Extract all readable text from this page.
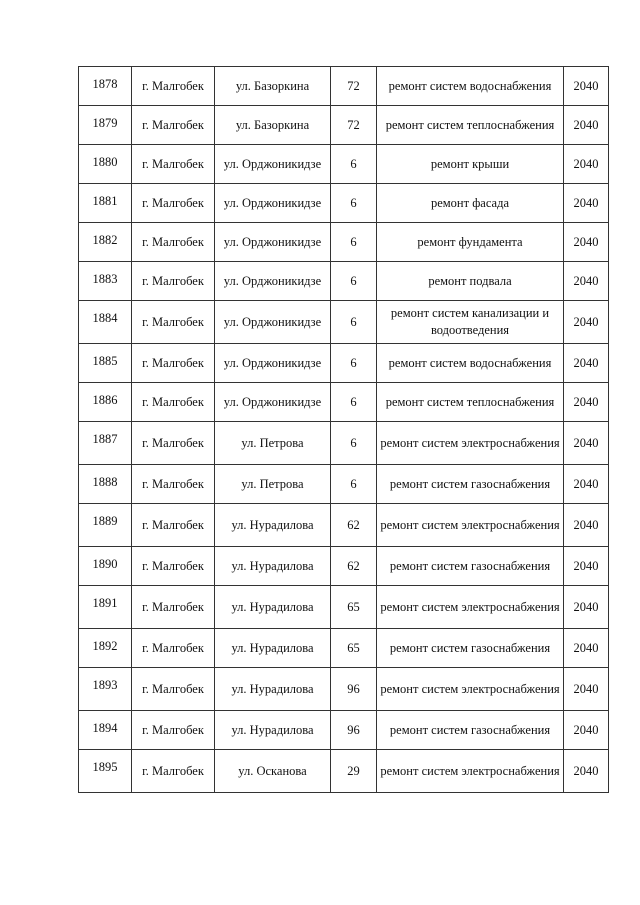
1878	г. Малгобек	ул. Базоркина	72	ремонт систем водоснабжения	2040
1879	г. Малгобек	ул. Базоркина	72	ремонт систем теплоснабжения	2040
1880	г. Малгобек	ул. Орджоникидзе	6	ремонт крыши	2040
1881	г. Малгобек	ул. Орджоникидзе	6	ремонт фасада	2040
1882	г. Малгобек	ул. Орджоникидзе	6	ремонт фундамента	2040
1883	г. Малгобек	ул. Орджоникидзе	6	ремонт подвала	2040
1884	г. Малгобек	ул. Орджоникидзе	6	ремонт систем канализации и водоотведения	2040
1885	г. Малгобек	ул. Орджоникидзе	6	ремонт систем водоснабжения	2040
1886	г. Малгобек	ул. Орджоникидзе	6	ремонт систем теплоснабжения	2040
1887	г. Малгобек	ул. Петрова	6	ремонт систем электроснабжения	2040
1888	г. Малгобек	ул. Петрова	6	ремонт систем газоснабжения	2040
1889	г. Малгобек	ул. Нурадилова	62	ремонт систем электроснабжения	2040
1890	г. Малгобек	ул. Нурадилова	62	ремонт систем газоснабжения	2040
1891	г. Малгобек	ул. Нурадилова	65	ремонт систем электроснабжения	2040
1892	г. Малгобек	ул. Нурадилова	65	ремонт систем газоснабжения	2040
1893	г. Малгобек	ул. Нурадилова	96	ремонт систем электроснабжения	2040
1894	г. Малгобек	ул. Нурадилова	96	ремонт систем газоснабжения	2040
1895	г. Малгобек	ул. Осканова	29	ремонт систем электроснабжения	2040
